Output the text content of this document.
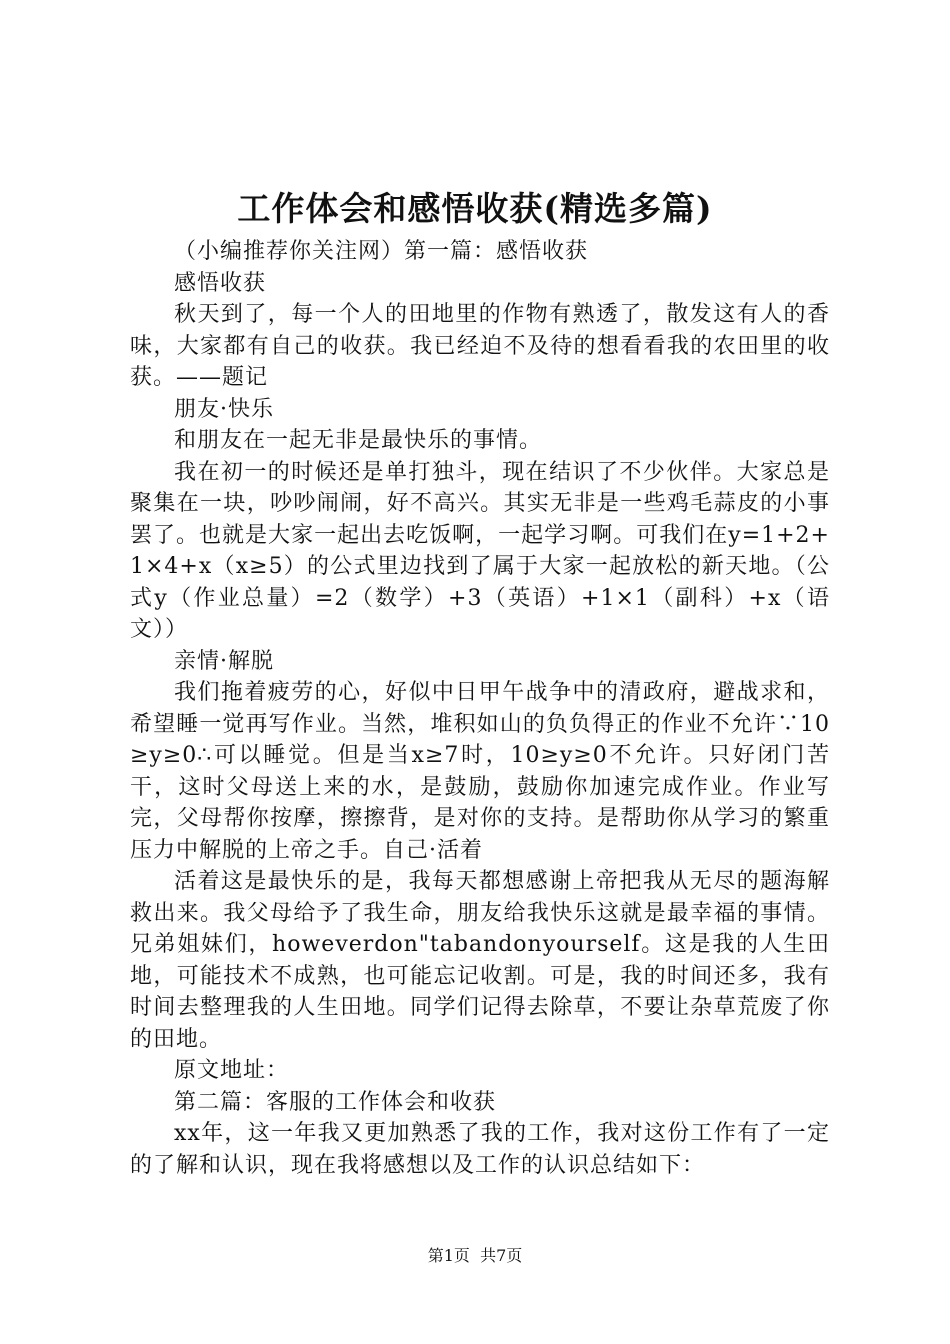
工作体会和感悟收获(精选多篇)

（小编推荐你关注网）第一篇：感悟收获

感悟收获

秋天到了，每一个人的田地里的作物有熟透了，散发这有人的香味，大家都有自己的收获。我已经迫不及待的想看看我的农田里的收获。——题记

朋友·快乐

和朋友在一起无非是最快乐的事情。

我在初一的时候还是单打独斗，现在结识了不少伙伴。大家总是聚集在一块，吵吵闹闹，好不高兴。其实无非是一些鸡毛蒜皮的小事罢了。也就是大家一起出去吃饭啊，一起学习啊。可我们在y=1+2+1×4+x（x≥5）的公式里边找到了属于大家一起放松的新天地。（公式y（作业总量）=2（数学）+3（英语）+1×1（副科）+x（语文））

亲情·解脱

我们拖着疲劳的心，好似中日甲午战争中的清政府，避战求和，希望睡一觉再写作业。当然，堆积如山的负负得正的作业不允许∵10≥y≥0∴可以睡觉。但是当x≥7时，10≥y≥0不允许。只好闭门苦干，这时父母送上来的水，是鼓励，鼓励你加速完成作业。作业写完，父母帮你按摩，擦擦背，是对你的支持。是帮助你从学习的繁重压力中解脱的上帝之手。自己·活着

活着这是最快乐的是，我每天都想感谢上帝把我从无尽的题海解救出来。我父母给予了我生命，朋友给我快乐这就是最幸福的事情。兄弟姐妹们，howeverdon"tabandonyourself。这是我的人生田地，可能技术不成熟，也可能忘记收割。可是，我的时间还多，我有时间去整理我的人生田地。同学们记得去除草，不要让杂草荒废了你的田地。

原文地址：

第二篇：客服的工作体会和收获

xx年，这一年我又更加熟悉了我的工作，我对这份工作有了一定的了解和认识，现在我将感想以及工作的认识总结如下：

第1页  共7页
